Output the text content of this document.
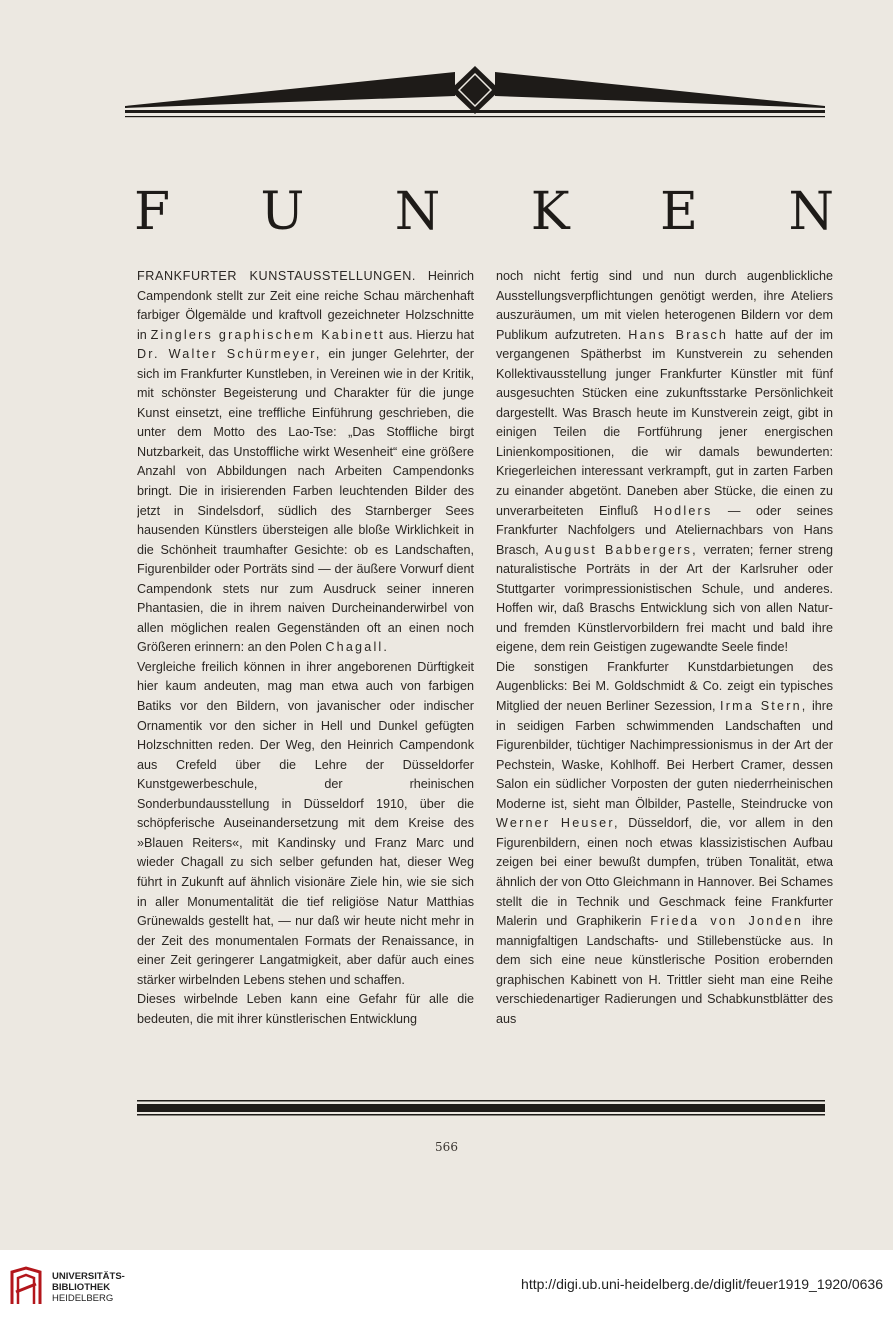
F U N K E N

FRANKFURTER KUNSTAUSSTELLUNGEN. Heinrich Campendonk stellt zur Zeit eine reiche Schau märchenhaft farbiger Ölgemälde und kraftvoll gezeichneter Holzschnitte in Zinglers graphischem Kabinett aus. Hierzu hat Dr. Walter Schürmeyer, ein junger Gelehrter, der sich im Frankfurter Kunstleben, in Vereinen wie in der Kritik, mit schönster Begeisterung und Charakter für die junge Kunst einsetzt, eine treffliche Einführung geschrieben, die unter dem Motto des Lao-Tse: „Das Stoffliche birgt Nutzbarkeit, das Unstoffliche wirkt Wesenheit“ eine größere Anzahl von Abbildungen nach Arbeiten Campendonks bringt. Die in irisierenden Farben leuchtenden Bilder des jetzt in Sindelsdorf, südlich des Starnberger Sees hausenden Künstlers übersteigen alle bloße Wirklichkeit in die Schönheit traumhafter Gesichte: ob es Landschaften, Figurenbilder oder Porträts sind — der äußere Vorwurf dient Campendonk stets nur zum Ausdruck seiner inneren Phantasien, die in ihrem naiven Durcheinanderwirbel von allen möglichen realen Gegenständen oft an einen noch Größeren erinnern: an den Polen Chagall.

Vergleiche freilich können in ihrer angeborenen Dürftigkeit hier kaum andeuten, mag man etwa auch von farbigen Batiks vor den Bildern, von javanischer oder indischer Ornamentik vor den sicher in Hell und Dunkel gefügten Holzschnitten reden. Der Weg, den Heinrich Campendonk aus Crefeld über die Lehre der Düsseldorfer Kunstgewerbeschule, der rheinischen Sonderbundausstellung in Düsseldorf 1910, über die schöpferische Auseinandersetzung mit dem Kreise des »Blauen Reiters«, mit Kandinsky und Franz Marc und wieder Chagall zu sich selber gefunden hat, dieser Weg führt in Zukunft auf ähnlich visionäre Ziele hin, wie sie sich in aller Monumentalität die tief religiöse Natur Matthias Grünewalds gestellt hat, — nur daß wir heute nicht mehr in der Zeit des monumentalen Formats der Renaissance, in einer Zeit geringerer Langatmigkeit, aber dafür auch eines stärker wirbelnden Lebens stehen und schaffen.

Dieses wirbelnde Leben kann eine Gefahr für alle die bedeuten, die mit ihrer künstlerischen Entwicklung

noch nicht fertig sind und nun durch augenblickliche Ausstellungsverpflichtungen genötigt werden, ihre Ateliers auszuräumen, um mit vielen heterogenen Bildern vor dem Publikum aufzutreten. Hans Brasch hatte auf der im vergangenen Spätherbst im Kunstverein zu sehenden Kollektivausstellung junger Frankfurter Künstler mit fünf ausgesuchten Stücken eine zukunftsstarke Persönlichkeit dargestellt. Was Brasch heute im Kunstverein zeigt, gibt in einigen Teilen die Fortführung jener energischen Linienkompositionen, die wir damals bewunderten: Kriegerleichen interessant verkrampft, gut in zarten Farben zu einander abgetönt. Daneben aber Stücke, die einen zu unverarbeiteten Einfluß Hodlers — oder seines Frankfurter Nachfolgers und Ateliernachbars von Hans Brasch, August Babbergers, verraten; ferner streng naturalistische Porträts in der Art der Karlsruher oder Stuttgarter vorimpressionistischen Schule, und anderes. Hoffen wir, daß Braschs Entwicklung sich von allen Natur- und fremden Künstlervorbildern frei macht und bald ihre eigene, dem rein Geistigen zugewandte Seele finde!

Die sonstigen Frankfurter Kunstdarbietungen des Augenblicks: Bei M. Goldschmidt & Co. zeigt ein typisches Mitglied der neuen Berliner Sezession, Irma Stern, ihre in seidigen Farben schwimmenden Landschaften und Figurenbilder, tüchtiger Nachimpressionismus in der Art der Pechstein, Waske, Kohlhoff. Bei Herbert Cramer, dessen Salon ein südlicher Vorposten der guten niederrheinischen Moderne ist, sieht man Ölbilder, Pastelle, Steindrucke von Werner Heuser, Düsseldorf, die, vor allem in den Figurenbildern, einen noch etwas klassizistischen Aufbau zeigen bei einer bewußt dumpfen, trüben Tonalität, etwa ähnlich der von Otto Gleichmann in Hannover. Bei Schames stellt die in Technik und Geschmack feine Frankfurter Malerin und Graphikerin Frieda von Jonden ihre mannigfaltigen Landschafts- und Stillebenstücke aus. In dem sich eine neue künstlerische Position erobernden graphischen Kabinett von H. Trittler sieht man eine Reihe verschiedenartiger Radierungen und Schabkunstblätter des aus

566
UNIVERSITÄTS-
BIBLIOTHEK
HEIDELBERG
http://digi.ub.uni-heidelberg.de/diglit/feuer1919_1920/0636
